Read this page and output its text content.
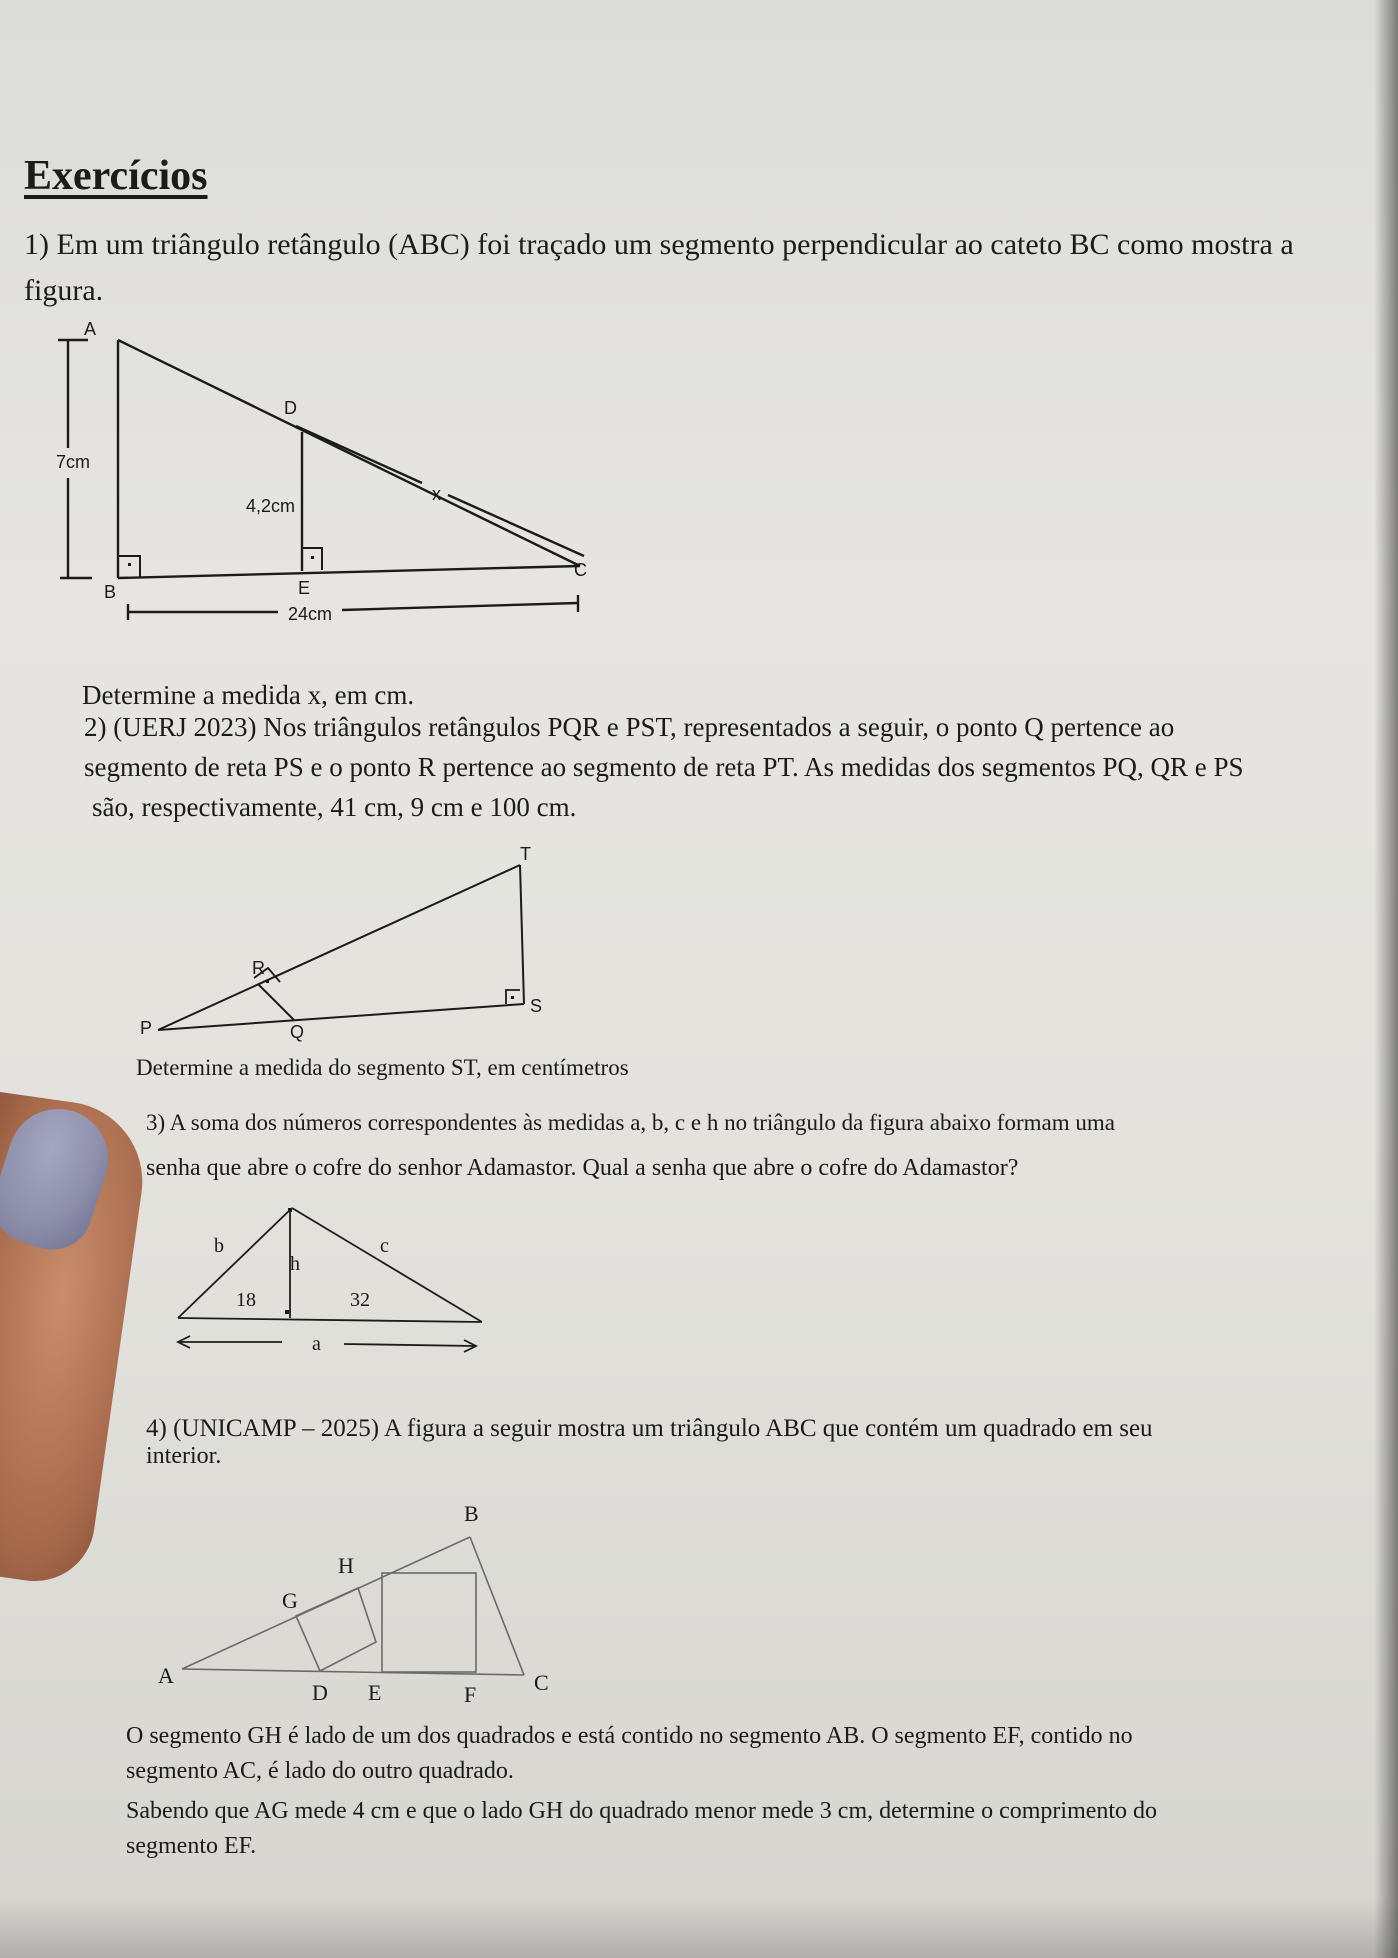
Exercícios
1) Em um triângulo retângulo (ABC) foi traçado um segmento perpendicular ao cateto BC como mostra a
figura.
A
B
C
D
E
x
7cm
4,2cm
24cm
T
R
P	Q
S
b	c
h
18	32
a
B
H
G
A
D E	F	C
Determine a medida x, em cm.
2) (UERJ 2023) Nos triângulos retângulos PQR e PST, representados a seguir, o ponto Q pertence ao
segmento de reta PS e o ponto R pertence ao segmento de reta PT. As medidas dos segmentos PQ, QR e PS
são, respectivamente, 41 cm, 9 cm e 100 cm.
Determine a medida do segmento ST, em centímetros
3) A soma dos números correspondentes às medidas a, b, c e h no triângulo da figura abaixo formam uma
senha que abre o cofre do senhor Adamastor. Qual a senha que abre o cofre do Adamastor?
4) (UNICAMP – 2025) A figura a seguir mostra um triângulo ABC que contém um quadrado em seu
interior.
O segmento GH é lado de um dos quadrados e está contido no segmento AB. O segmento EF, contido no
segmento AC, é lado do outro quadrado.
Sabendo que AG mede 4 cm e que o lado GH do quadrado menor mede 3 cm, determine o comprimento do
segmento EF.
